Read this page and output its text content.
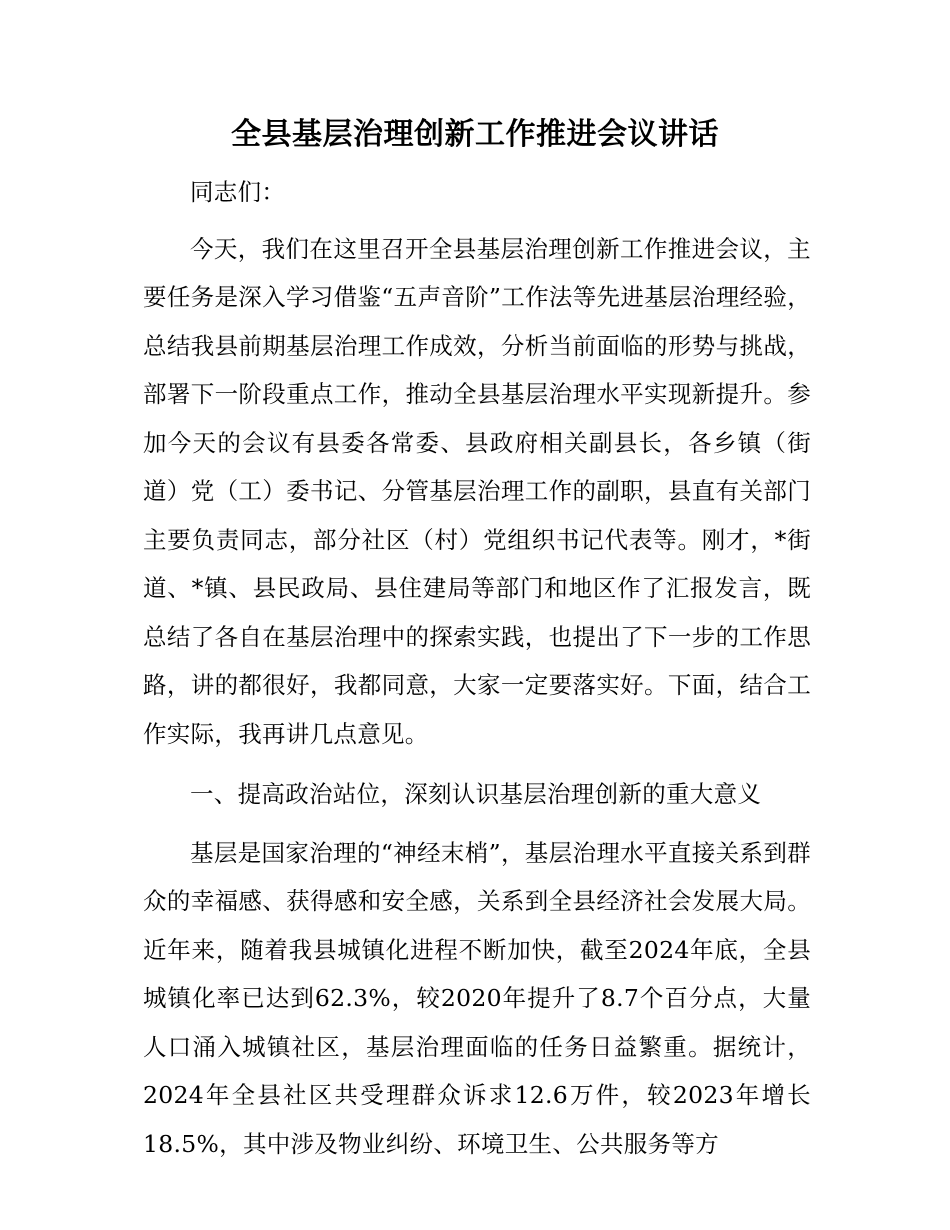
全县基层治理创新工作推进会议讲话

同志们：

今天，我们在这里召开全县基层治理创新工作推进会议，主要任务是深入学习借鉴“五声音阶”工作法等先进基层治理经验，总结我县前期基层治理工作成效，分析当前面临的形势与挑战，部署下一阶段重点工作，推动全县基层治理水平实现新提升。参加今天的会议有县委各常委、县政府相关副县长，各乡镇（街道）党（工）委书记、分管基层治理工作的副职，县直有关部门主要负责同志，部分社区（村）党组织书记代表等。刚才，*街道、*镇、县民政局、县住建局等部门和地区作了汇报发言，既总结了各自在基层治理中的探索实践，也提出了下一步的工作思路，讲的都很好，我都同意，大家一定要落实好。下面，结合工作实际，我再讲几点意见。

一、提高政治站位，深刻认识基层治理创新的重大意义

基层是国家治理的“神经末梢”，基层治理水平直接关系到群众的幸福感、获得感和安全感，关系到全县经济社会发展大局。近年来，随着我县城镇化进程不断加快，截至2024年底，全县城镇化率已达到62.3%，较2020年提升了8.7个百分点，大量人口涌入城镇社区，基层治理面临的任务日益繁重。据统计，2024年全县社区共受理群众诉求12.6万件，较2023年增长18.5%，其中涉及物业纠纷、环境卫生、公共服务等方
